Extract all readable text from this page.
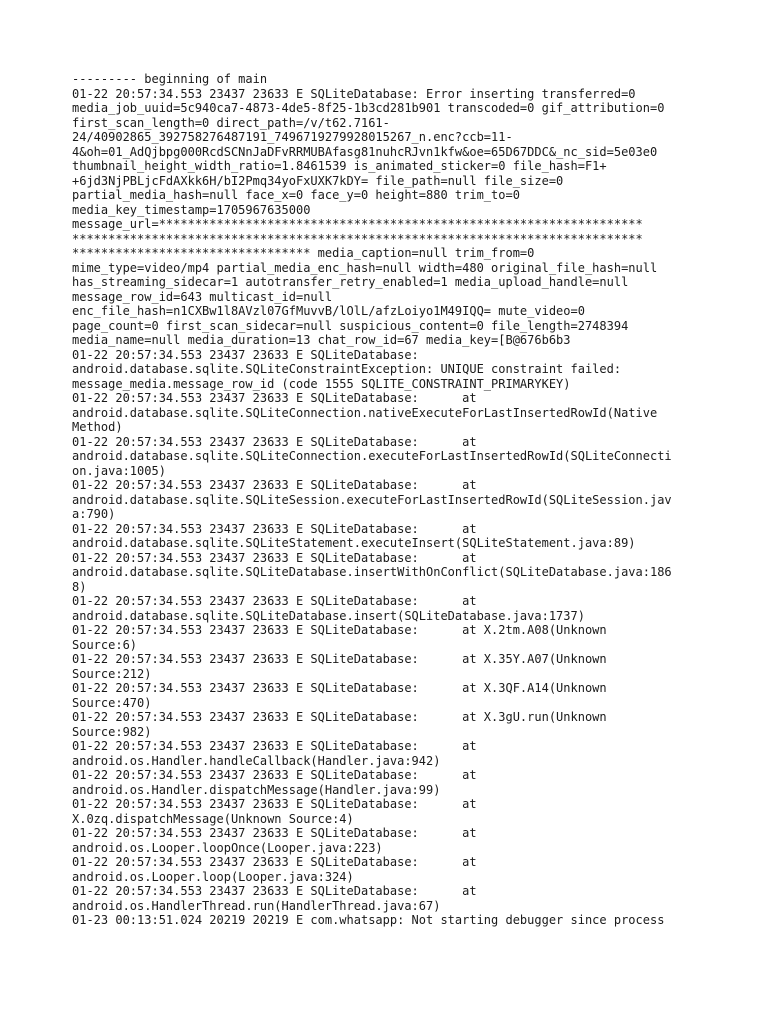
--------- beginning of main

01-22 20:57:34.553 23437 23633 E SQLiteDatabase: Error inserting transferred=0

media_job_uuid=5c940ca7-4873-4de5-8f25-1b3cd281b901 transcoded=0 gif_attribution=0

first_scan_length=0 direct_path=/v/t62.7161-

24/40902865_392758276487191_7496719279928015267_n.enc?ccb=11-

4&oh=01_AdQjbpg000RcdSCNnJaDFvRRMUBAfasg81nuhcRJvn1kfw&oe=65D67DDC&_nc_sid=5e03e0

thumbnail_height_width_ratio=1.8461539 is_animated_sticker=0 file_hash=F1+

+6jd3NjPBLjcFdAXkk6H/bI2Pmq34yoFxUXK7kDY= file_path=null file_size=0

partial_media_hash=null face_x=0 face_y=0 height=880 trim_to=0

media_key_timestamp=1705967635000

message_url=*******************************************************************

*******************************************************************************

********************************* media_caption=null trim_from=0

mime_type=video/mp4 partial_media_enc_hash=null width=480 original_file_hash=null

has_streaming_sidecar=1 autotransfer_retry_enabled=1 media_upload_handle=null

message_row_id=643 multicast_id=null

enc_file_hash=n1CXBw1l8AVzl07GfMuvvB/lOlL/afzLoiyo1M49IQQ= mute_video=0

page_count=0 first_scan_sidecar=null suspicious_content=0 file_length=2748394

media_name=null media_duration=13 chat_row_id=67 media_key=[B@676b6b3

01-22 20:57:34.553 23437 23633 E SQLiteDatabase:

android.database.sqlite.SQLiteConstraintException: UNIQUE constraint failed:

message_media.message_row_id (code 1555 SQLITE_CONSTRAINT_PRIMARYKEY)

01-22 20:57:34.553 23437 23633 E SQLiteDatabase:      at

android.database.sqlite.SQLiteConnection.nativeExecuteForLastInsertedRowId(Native

Method)

01-22 20:57:34.553 23437 23633 E SQLiteDatabase:      at

android.database.sqlite.SQLiteConnection.executeForLastInsertedRowId(SQLiteConnecti

on.java:1005)

01-22 20:57:34.553 23437 23633 E SQLiteDatabase:      at

android.database.sqlite.SQLiteSession.executeForLastInsertedRowId(SQLiteSession.jav

a:790)

01-22 20:57:34.553 23437 23633 E SQLiteDatabase:      at

android.database.sqlite.SQLiteStatement.executeInsert(SQLiteStatement.java:89)

01-22 20:57:34.553 23437 23633 E SQLiteDatabase:      at

android.database.sqlite.SQLiteDatabase.insertWithOnConflict(SQLiteDatabase.java:186

8)

01-22 20:57:34.553 23437 23633 E SQLiteDatabase:      at

android.database.sqlite.SQLiteDatabase.insert(SQLiteDatabase.java:1737)

01-22 20:57:34.553 23437 23633 E SQLiteDatabase:      at X.2tm.A08(Unknown

Source:6)

01-22 20:57:34.553 23437 23633 E SQLiteDatabase:      at X.35Y.A07(Unknown

Source:212)

01-22 20:57:34.553 23437 23633 E SQLiteDatabase:      at X.3QF.A14(Unknown

Source:470)

01-22 20:57:34.553 23437 23633 E SQLiteDatabase:      at X.3gU.run(Unknown

Source:982)

01-22 20:57:34.553 23437 23633 E SQLiteDatabase:      at

android.os.Handler.handleCallback(Handler.java:942)

01-22 20:57:34.553 23437 23633 E SQLiteDatabase:      at

android.os.Handler.dispatchMessage(Handler.java:99)

01-22 20:57:34.553 23437 23633 E SQLiteDatabase:      at

X.0zq.dispatchMessage(Unknown Source:4)

01-22 20:57:34.553 23437 23633 E SQLiteDatabase:      at

android.os.Looper.loopOnce(Looper.java:223)

01-22 20:57:34.553 23437 23633 E SQLiteDatabase:      at

android.os.Looper.loop(Looper.java:324)

01-22 20:57:34.553 23437 23633 E SQLiteDatabase:      at

android.os.HandlerThread.run(HandlerThread.java:67)

01-23 00:13:51.024 20219 20219 E com.whatsapp: Not starting debugger since process
